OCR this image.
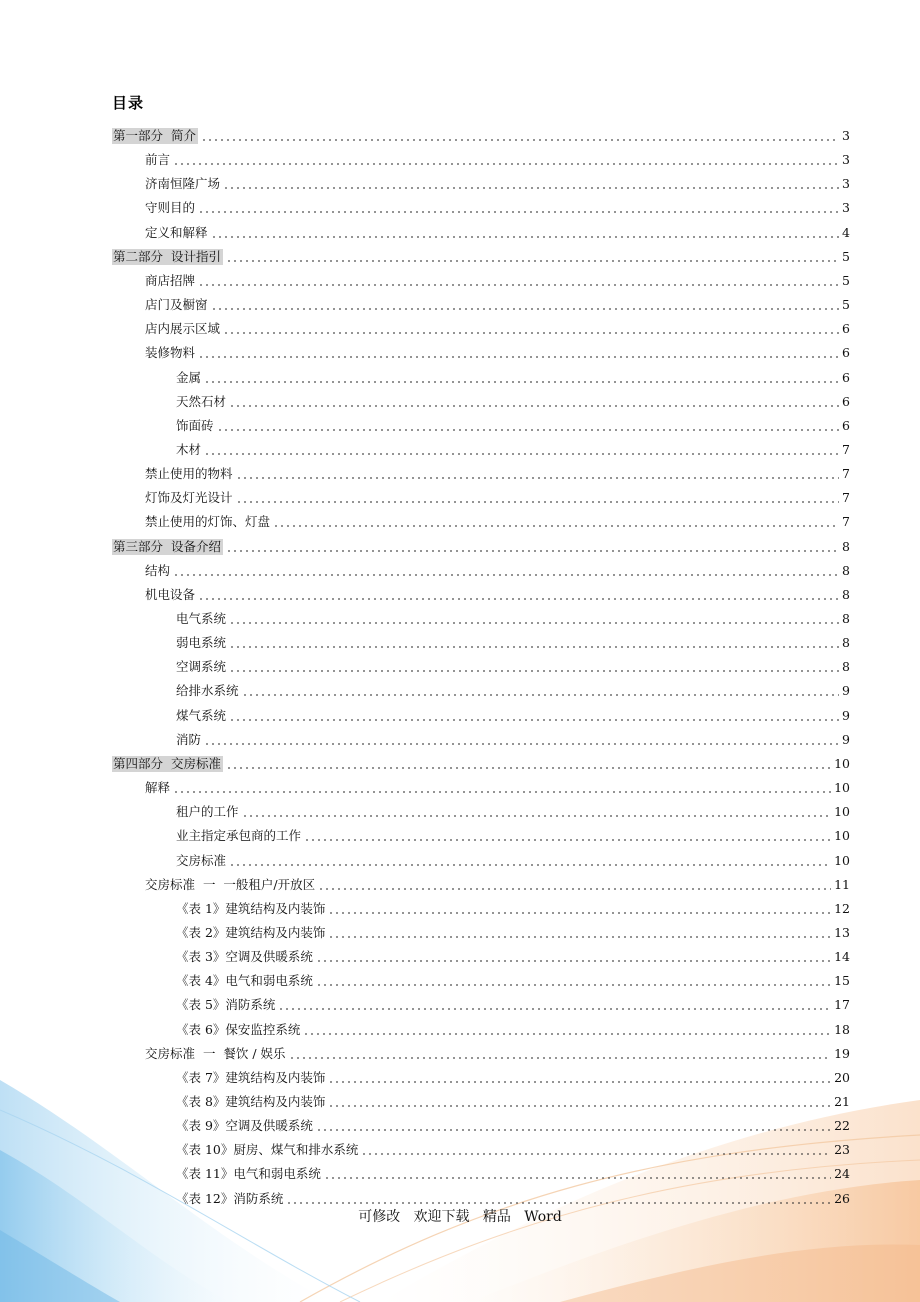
目录
第一部分  简介	3
前言	3
济南恒隆广场	3
守则目的	3
定义和解释	4
第二部分  设计指引	5
商店招牌	5
店门及橱窗	5
店内展示区域	6
装修物料	6
金属	6
天然石材	6
饰面砖	6
木材	7
禁止使用的物料	7
灯饰及灯光设计	7
禁止使用的灯饰、灯盘	7
第三部分  设备介绍	8
结构	8
机电设备	8
电气系统	8
弱电系统	8
空调系统	8
给排水系统	9
煤气系统	9
消防	9
第四部分  交房标准	10
解释	10
租户的工作	10
业主指定承包商的工作	10
交房标准	10
交房标准  一  一般租户/开放区	11
《表 1》建筑结构及内装饰	12
《表 2》建筑结构及内装饰	13
《表 3》空调及供暖系统	14
《表 4》电气和弱电系统	15
《表 5》消防系统	17
《表 6》保安监控系统	18
交房标准  一  餐饮 / 娱乐	19
《表 7》建筑结构及内装饰	20
《表 8》建筑结构及内装饰	21
《表 9》空调及供暖系统	22
《表 10》厨房、煤气和排水系统	23
《表 11》电气和弱电系统	24
《表 12》消防系统	26
可修改   欢迎下载   精品   Word
